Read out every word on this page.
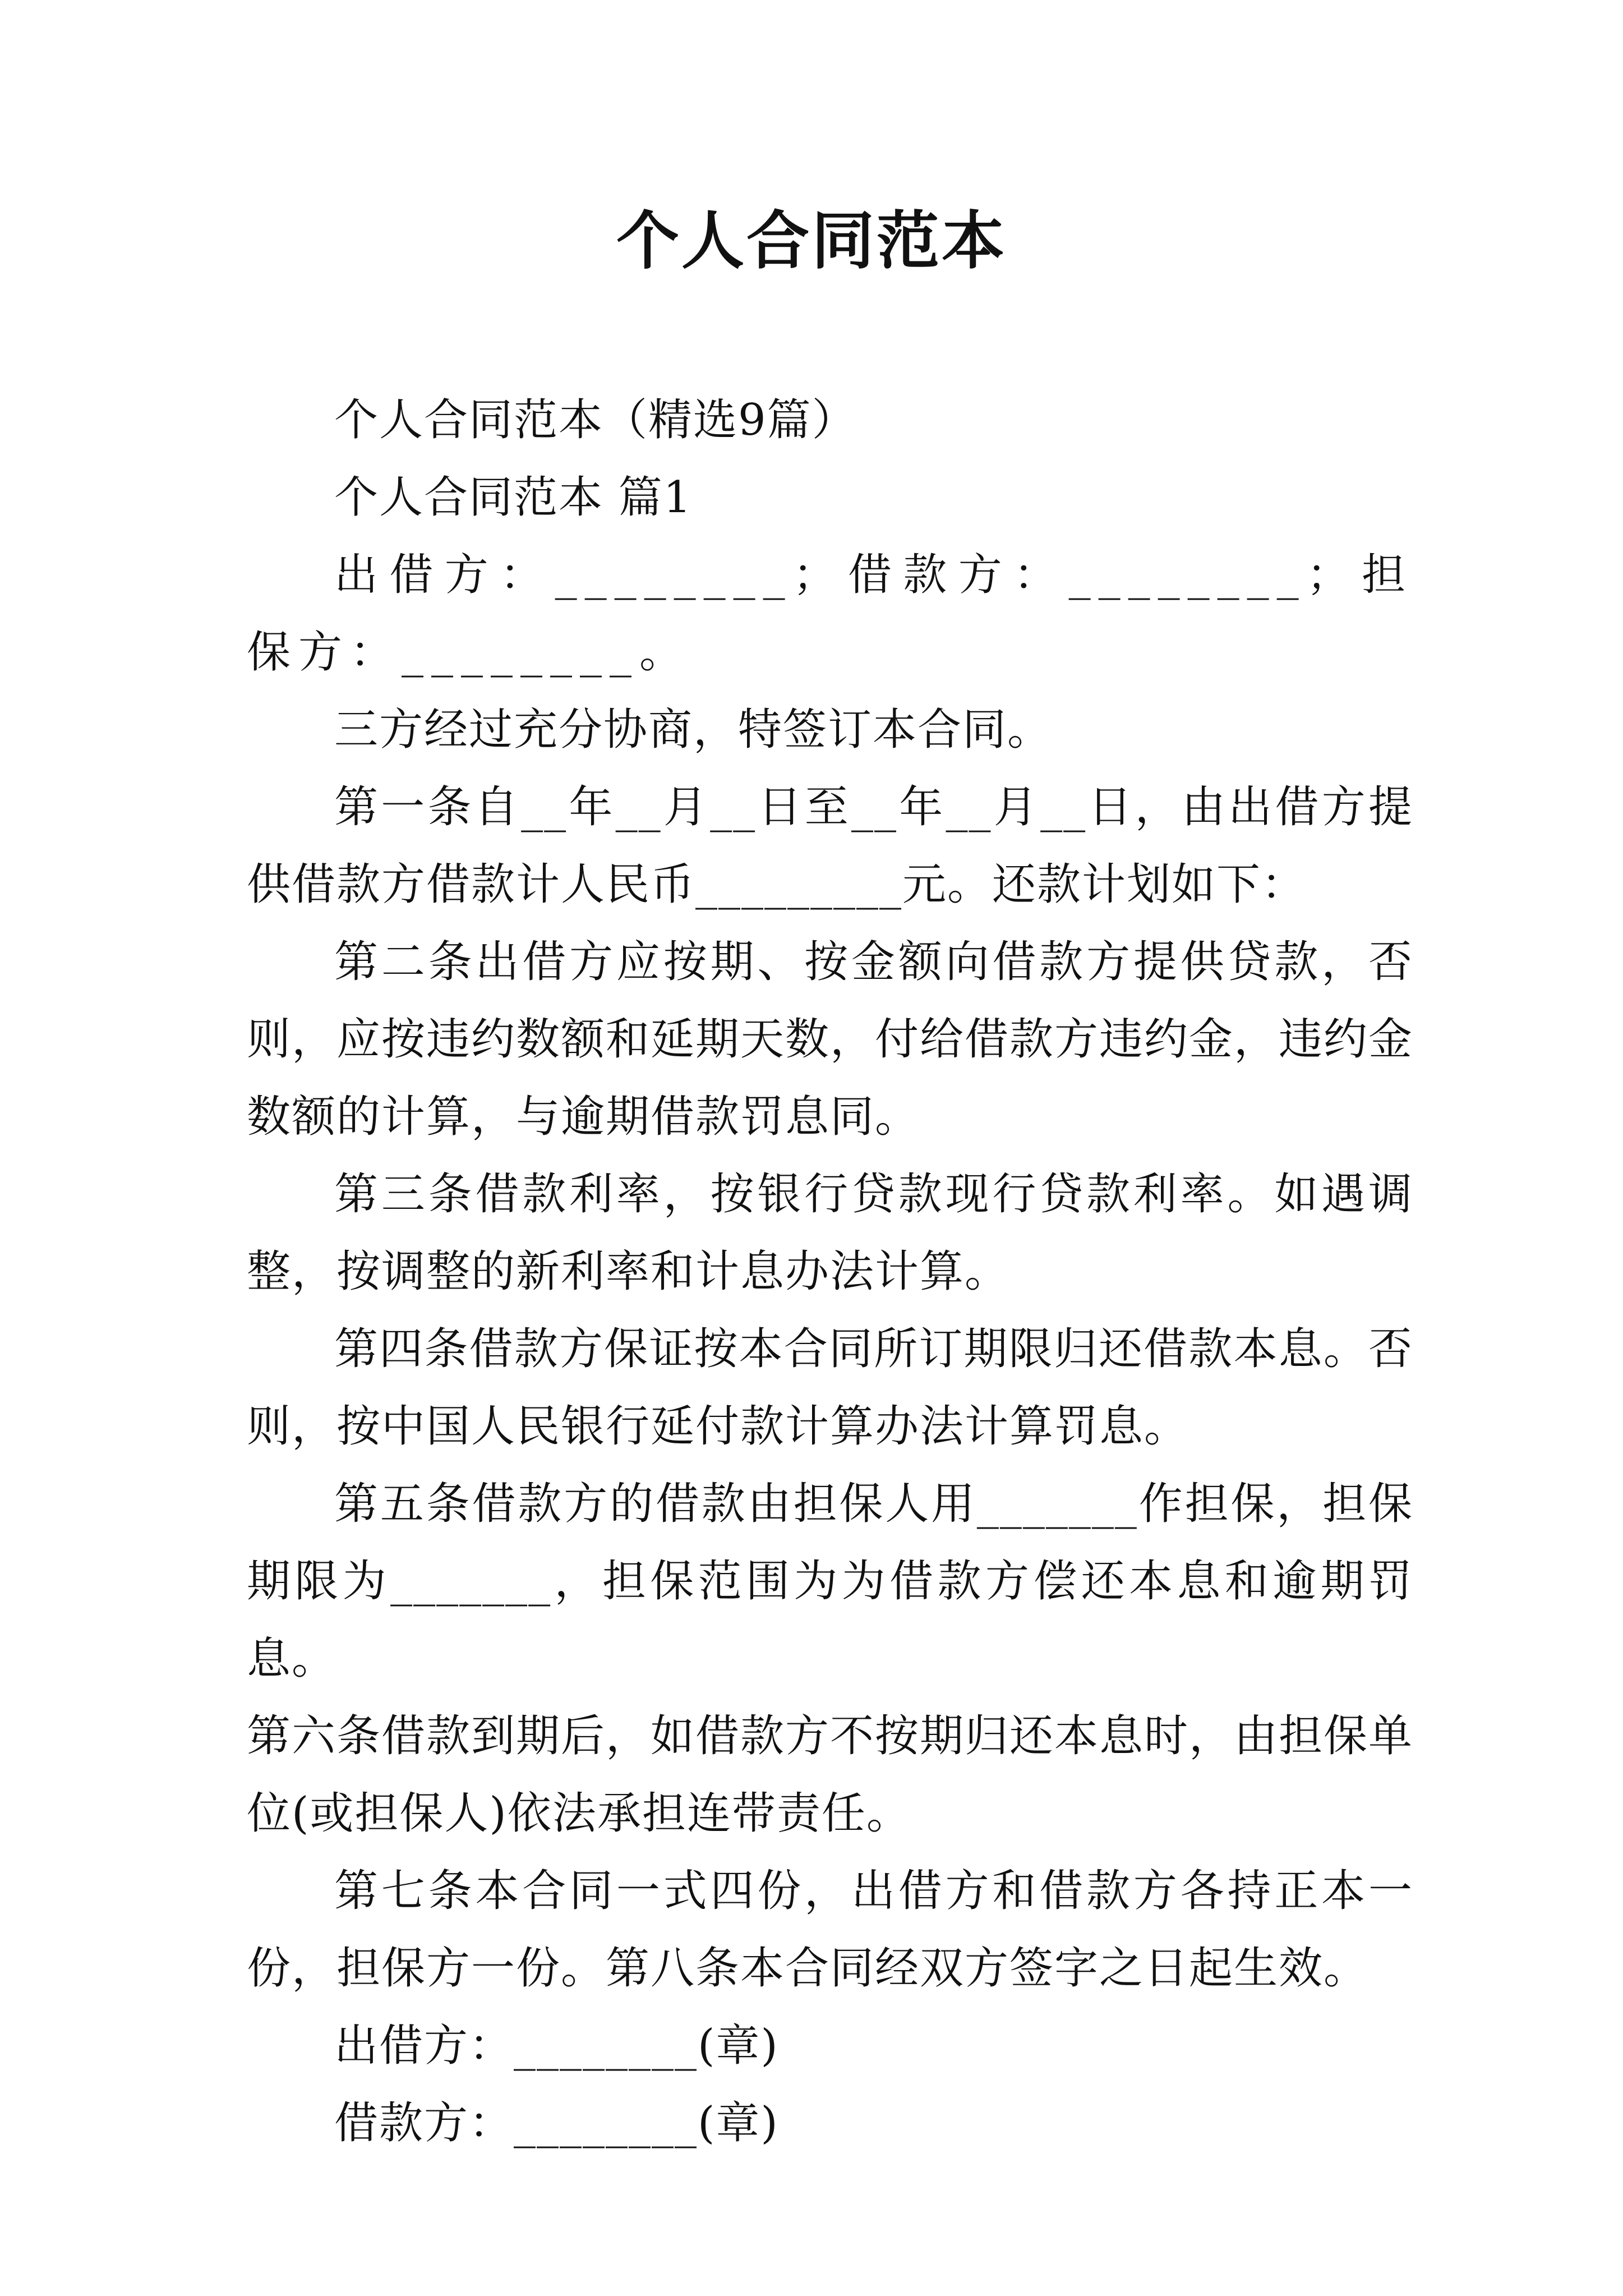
个人合同范本

个人合同范本（精选9篇）

个人合同范本 篇1

出借方：________；借款方：________；担保方：________。

三方经过充分协商，特签订本合同。

第一条自__年__月__日至__年__月__日，由出借方提供借款方借款计人民币_________元。还款计划如下：

第二条出借方应按期、按金额向借款方提供贷款，否则，应按违约数额和延期天数，付给借款方违约金，违约金数额的计算，与逾期借款罚息同。

第三条借款利率，按银行贷款现行贷款利率。如遇调整，按调整的新利率和计息办法计算。

第四条借款方保证按本合同所订期限归还借款本息。否则，按中国人民银行延付款计算办法计算罚息。

第五条借款方的借款由担保人用_______作担保，担保期限为_______，担保范围为为借款方偿还本息和逾期罚息。

第六条借款到期后，如借款方不按期归还本息时，由担保单位(或担保人)依法承担连带责任。

第七条本合同一式四份，出借方和借款方各持正本一份，担保方一份。第八条本合同经双方签字之日起生效。

出借方：________(章)

借款方：________(章)
